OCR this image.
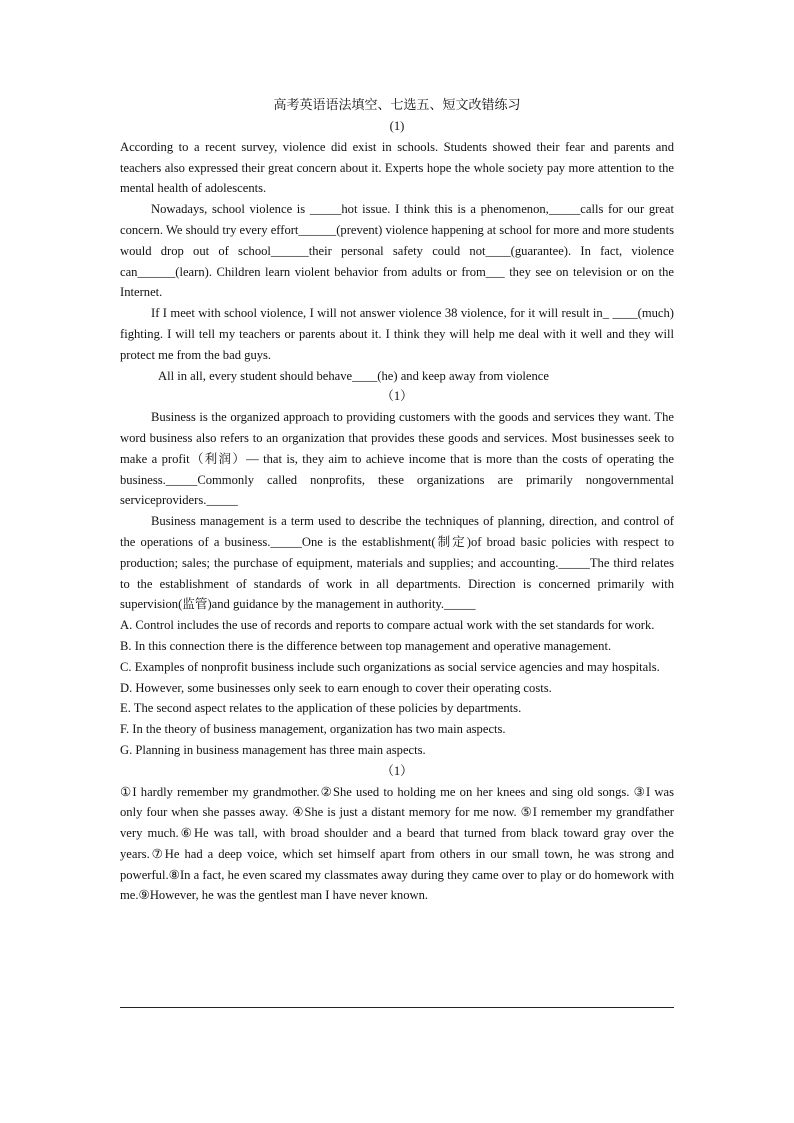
高考英语语法填空、七选五、短文改错练习
(1)

According to a recent survey, violence did exist in schools. Students showed their fear and parents and teachers also expressed their great concern about it. Experts hope the whole society pay more attention to the mental health of adolescents.

Nowadays, school violence is _____hot issue. I think this is a phenomenon,_____calls for our great concern. We should try every effort______(prevent) violence happening at school for more and more students would drop out of school______their personal safety could not____(guarantee). In fact, violence can______(learn). Children learn violent behavior from adults or from___ they see on television or on the Internet.

If I meet with school violence, I will not answer violence 38 violence, for it will result in_ ____(much) fighting. I will tell my teachers or parents about it. I think they will help me deal with it well and they will protect me from the bad guys.

All in all, every student should behave____(he) and keep away from violence

（1）

Business is the organized approach to providing customers with the goods and services they want. The word business also refers to an organization that provides these goods and services. Most businesses seek to make a profit（利润）— that is, they aim to achieve income that is more than the costs of operating the business._____Commonly called nonprofits, these organizations are primarily nongovernmental serviceproviders._____

Business management is a term used to describe the techniques of planning, direction, and control of the operations of a business._____One is the establishment(制定)of broad basic policies with respect to production; sales; the purchase of equipment, materials and supplies; and accounting._____The third relates to the establishment of standards of work in all departments. Direction is concerned primarily with supervision(监管)and guidance by the management in authority._____

A. Control includes the use of records and reports to compare actual work with the set standards for work.

B. In this connection there is the difference between top management and operative management.

C. Examples of nonprofit business include such organizations as social service agencies and may hospitals.

D. However, some businesses only seek to earn enough to cover their operating costs.

E. The second aspect relates to the application of these policies by departments.

F. In the theory of business management, organization has two main aspects.

G. Planning in business management has three main aspects.

（1）

①I hardly remember my grandmother.②She used to holding me on her knees and sing old songs. ③I was only four when she passes away. ④She is just a distant memory for me now. ⑤I remember my grandfather very much.⑥He was tall, with broad shoulder and a beard that turned from black toward gray over the years.⑦He had a deep voice, which set himself apart from others in our small town, he was strong and powerful.⑧In a fact, he even scared my classmates away during they came over to play or do homework with me.⑨However, he was the gentlest man I have never known.
